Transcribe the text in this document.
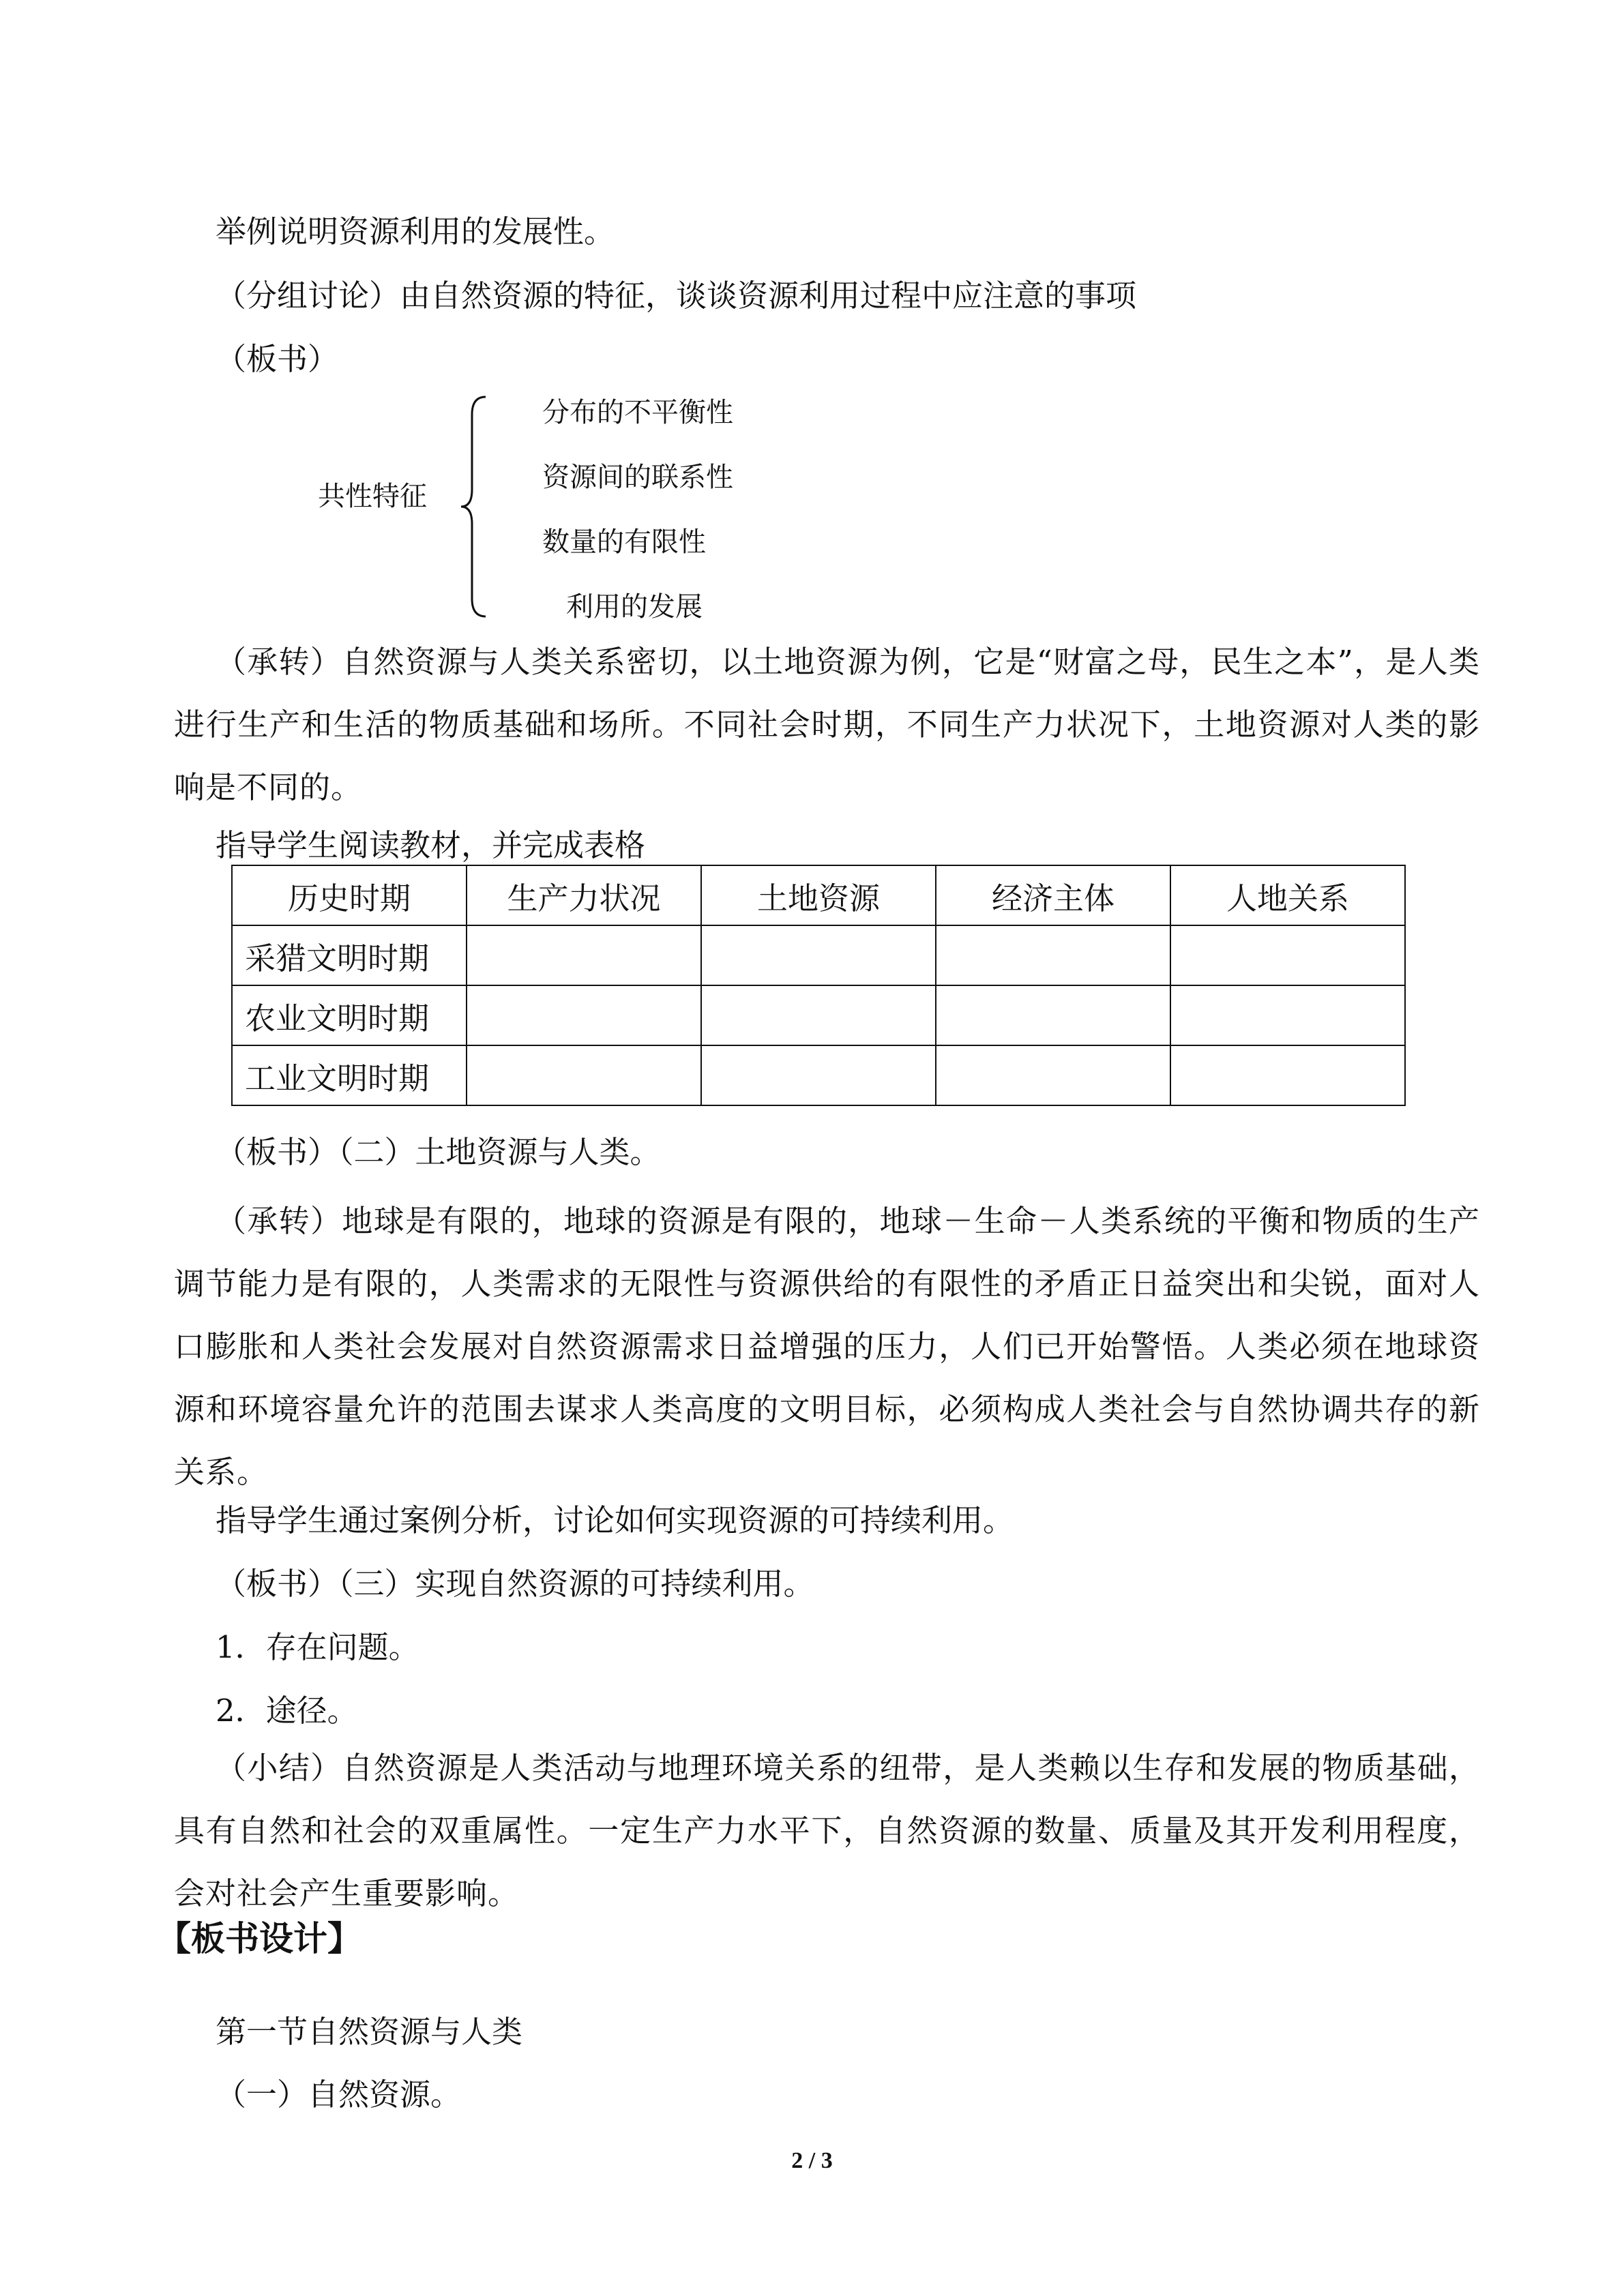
举例说明资源利用的发展性。
（分组讨论）由自然资源的特征，谈谈资源利用过程中应注意的事项
（板书）
共性特征
分布的不平衡性
资源间的联系性
数量的有限性
利用的发展
（承转）自然资源与人类关系密切，以土地资源为例，它是“财富之母，民生之本”，是人类进行生产和生活的物质基础和场所。不同社会时期，不同生产力状况下，土地资源对人类的影响是不同的。
指导学生阅读教材，并完成表格
历史时期	生产力状况	土地资源	经济主体	人地关系
采猎文明时期				
农业文明时期				
工业文明时期				
（板书）（二）土地资源与人类。
（承转）地球是有限的，地球的资源是有限的，地球－生命－人类系统的平衡和物质的生产调节能力是有限的，人类需求的无限性与资源供给的有限性的矛盾正日益突出和尖锐，面对人口膨胀和人类社会发展对自然资源需求日益增强的压力，人们已开始警悟。人类必须在地球资源和环境容量允许的范围去谋求人类高度的文明目标，必须构成人类社会与自然协调共存的新关系。
指导学生通过案例分析，讨论如何实现资源的可持续利用。
（板书）（三）实现自然资源的可持续利用。
1．存在问题。
2．途径。
（小结）自然资源是人类活动与地理环境关系的纽带，是人类赖以生存和发展的物质基础，具有自然和社会的双重属性。一定生产力水平下，自然资源的数量、质量及其开发利用程度，会对社会产生重要影响。
【板书设计】
第一节自然资源与人类
（一）自然资源。
2 / 3
